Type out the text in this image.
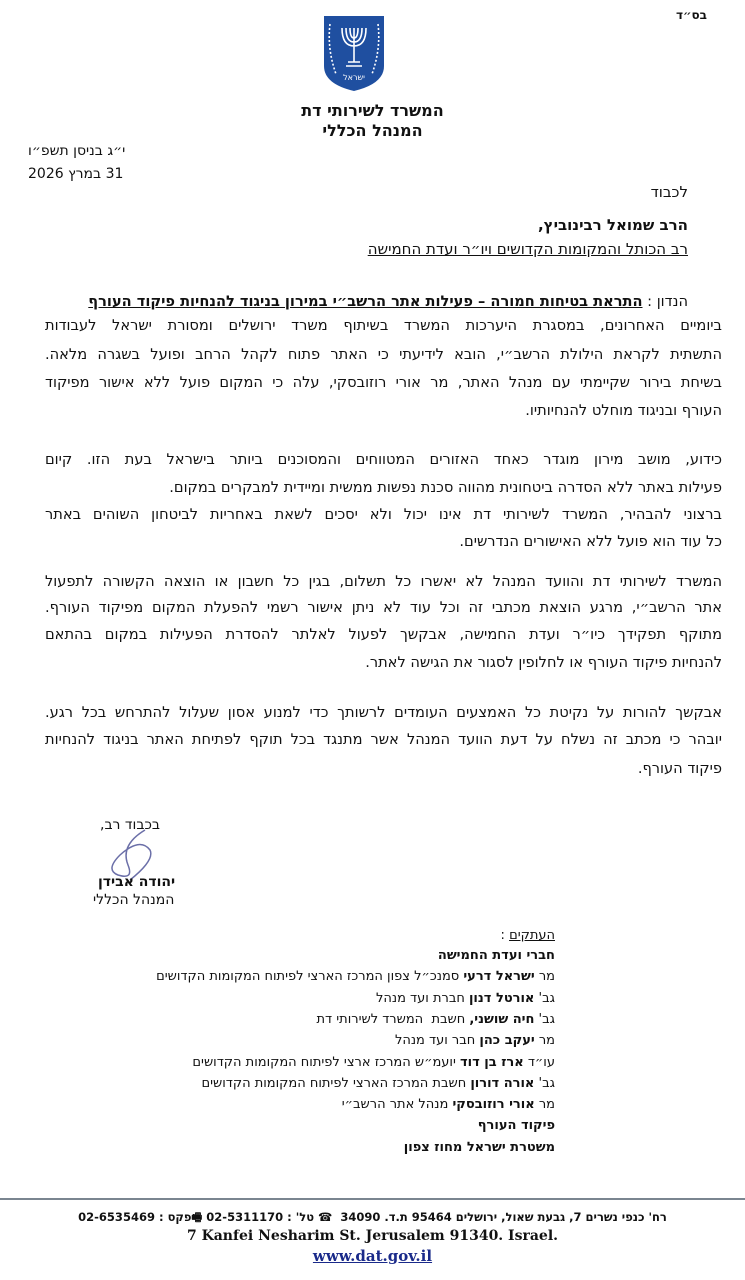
בס״ד
ישראל
המשרד לשירותי דת
המנהל הכללי
י״ג בניסן תשפ״ו
31 במרץ 2026
לכבוד
הרב שמואל רבינוביץ,
רב הכותל והמקומות הקדושים ויו״ר ועדת החמישה
הנדון : התראת בטיחות חמורה – פעילות אתר הרשב״י במירון בניגוד להנחיות פיקוד העורף
ביומיים האחרונים, במסגרת היערכות המשרד בשיתוף משרד ירושלים ומסורת ישראל לעבודות
התשתית לקראת הילולת הרשב״י, הובא לידיעתי כי האתר פתוח לקהל הרחב ופועל בשגרה מלאה.
בשיחת בירור שקיימתי עם מנהל האתר, מר אורי רוזובסקי, עלה כי המקום פועל ללא אישור מפיקוד
העורף ובניגוד מוחלט להנחיותיו.
כידוע, מושב מירון מוגדר כאחד האזורים המטווחים והמסוכנים ביותר בישראל בעת הזו. קיום
פעילות באתר ללא הסדרה ביטחונית מהווה סכנת נפשות ממשית ומיידית למבקרים במקום.
ברצוני להבהיר, המשרד לשירותי דת אינו יכול ולא יסכים לשאת באחריות לביטחון השוהים באתר
כל עוד הוא פועל ללא האישורים הנדרשים.
המשרד לשירותי דת והוועד המנהל לא יאשרו כל תשלום, בגין כל חשבון או הוצאה הקשורה לתפעול
אתר הרשב״י, מרגע הוצאת מכתבי זה וכל עוד לא ניתן אישור רשמי להפעלת המקום מפיקוד העורף.
מתוקף תפקידך כיו״ר ועדת החמישה, אבקשך לפעול לאלתר להסדרת הפעילות במקום בהתאם
להנחיות פיקוד העורף או לחלופין לסגור את הגישה לאתר.
אבקשך להורות על נקיטת כל האמצעים העומדים לרשותך כדי למנוע אסון שעלול להתרחש בכל רגע.
יובהר כי מכתב זה נשלח על דעת הוועד המנהל אשר מתנגד בכל תוקף לפתיחת האתר בניגוד להנחיות
פיקוד העורף.
בכבוד רב,
יהודה אבידן
המנהל הכללי
העתקים :
חברי ועדת החמישה
מר ישראל דרעי סמנכ״ל צפון המרכז הארצי לפיתוח המקומות הקדושים
גב' אורטל דנון חברת ועד מנהל
גב' חיה שושני, חשבת  המשרד לשירותי דת
מר יעקב כהן חבר ועד מנהל
עו״ד ארז בן דוד יועמ״ש המרכז ארצי לפיתוח המקומות הקדושים
גב' אורה דורון חשבת המרכז הארצי לפיתוח המקומות הקדושים
מר אורי רוזובסקי מנהל אתר הרשב״י
פיקוד העורף
משטרת ישראל מחוז צפון
רח' כנפי נשרים 7, גבעת שאול, ירושלים 95464 ת.ד. 34090  ☎ טל' : 02-5311170 🖷פקס : 02-6535469
7 Kanfei Nesharim St. Jerusalem 91340. Israel.
www.dat.gov.il
